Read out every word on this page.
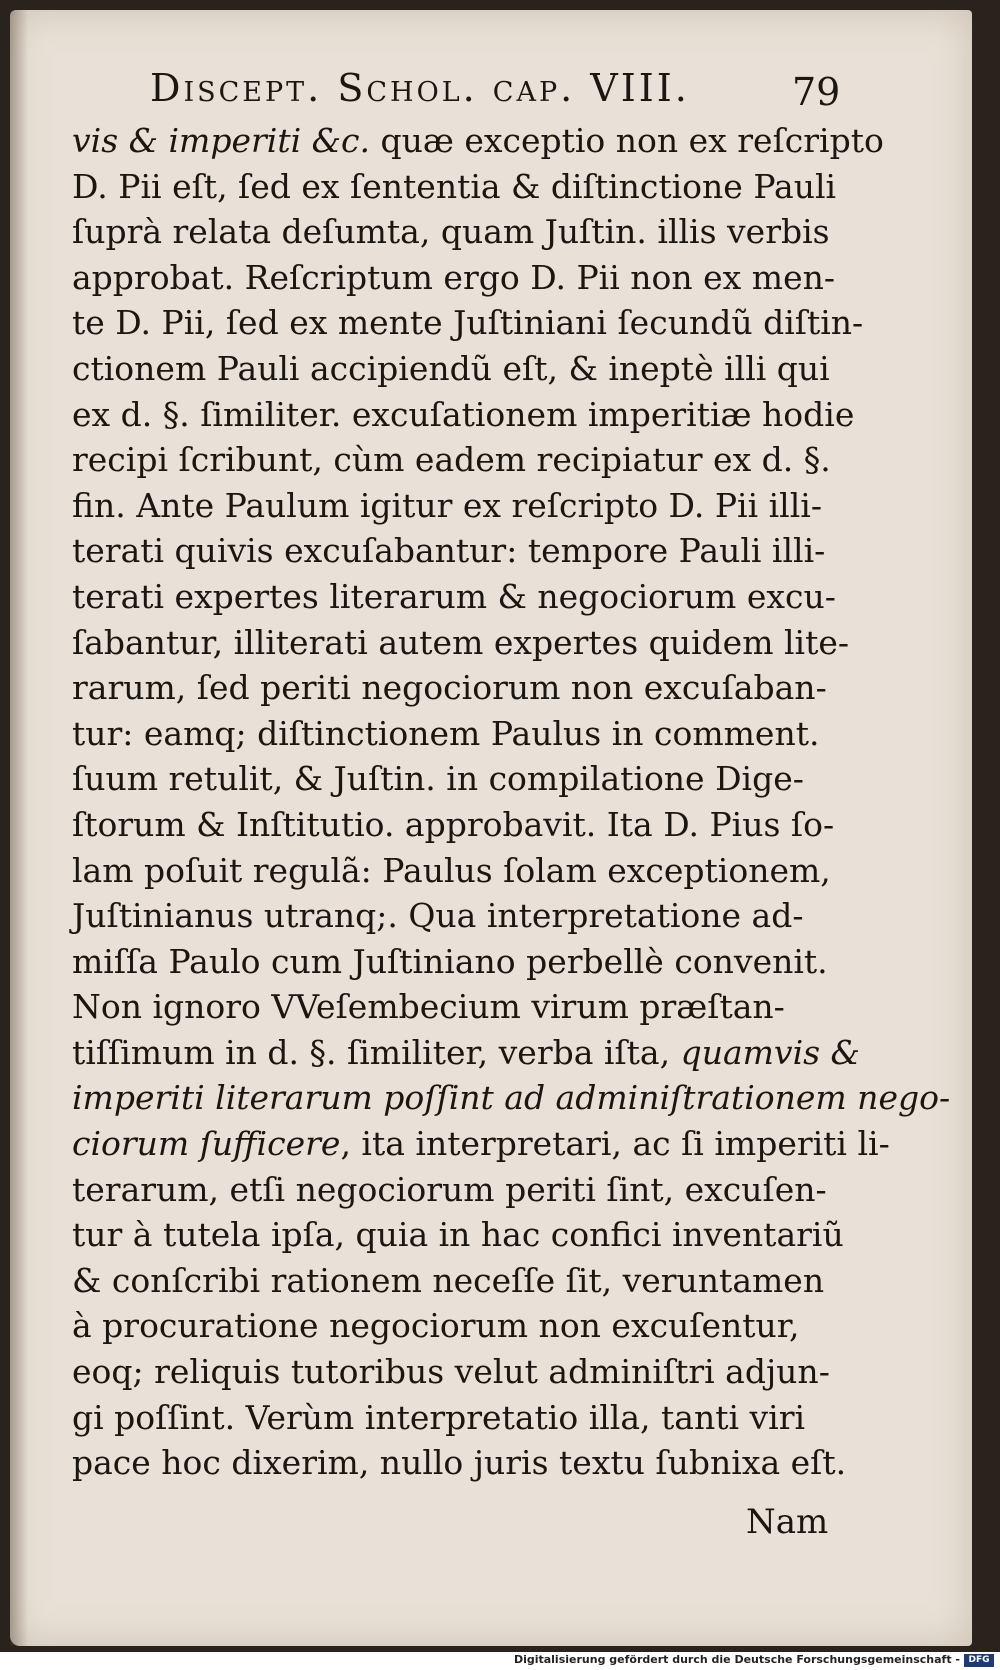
Discept. Schol. cap. VIII.	79
vis & imperiti &c. quæ exceptio non ex reſcripto
D. Pii eſt, ſed ex ſententia & diſtinctione Pauli
ſuprà relata deſumta, quam Juſtin. illis verbis
approbat. Reſcriptum ergo D. Pii non ex men-
te D. Pii, ſed ex mente Juſtiniani ſecundũ diſtin-
ctionem Pauli accipiendũ eſt, & ineptè illi qui
ex d. §. ſimiliter. excuſationem imperitiæ hodie
recipi ſcribunt, cùm eadem recipiatur ex d. §.
fin. Ante Paulum igitur ex reſcripto D. Pii illi-
terati quivis excuſabantur: tempore Pauli illi-
terati expertes literarum & negociorum excu-
ſabantur, illiterati autem expertes quidem lite-
rarum, ſed periti negociorum non excuſaban-
tur: eamq; diſtinctionem Paulus in comment.
ſuum retulit, & Juſtin. in compilatione Dige-
ſtorum & Inſtitutio. approbavit. Ita D. Pius ſo-
lam poſuit regulã: Paulus ſolam exceptionem,
Juſtinianus utranq;. Qua interpretatione ad-
miſſa Paulo cum Juſtiniano perbellè convenit.
Non ignoro VVeſembecium virum præſtan-
tiſſimum in d. §. ſimiliter, verba iſta, quamvis &
imperiti literarum poſſint ad adminiſtrationem nego-
ciorum ſufficere, ita interpretari, ac ſi imperiti li-
terarum, etſi negociorum periti ſint, excuſen-
tur à tutela ipſa, quia in hac confici inventariũ
& conſcribi rationem neceſſe ſit, veruntamen
à procuratione negociorum non excuſentur,
eoq; reliquis tutoribus velut adminiſtri adjun-
gi poſſint. Verùm interpretatio illa, tanti viri
pace hoc dixerim, nullo juris textu ſubnixa eſt.
Nam
Digitalisierung gefördert durch die Deutsche Forschungsgemeinschaft - DFG
